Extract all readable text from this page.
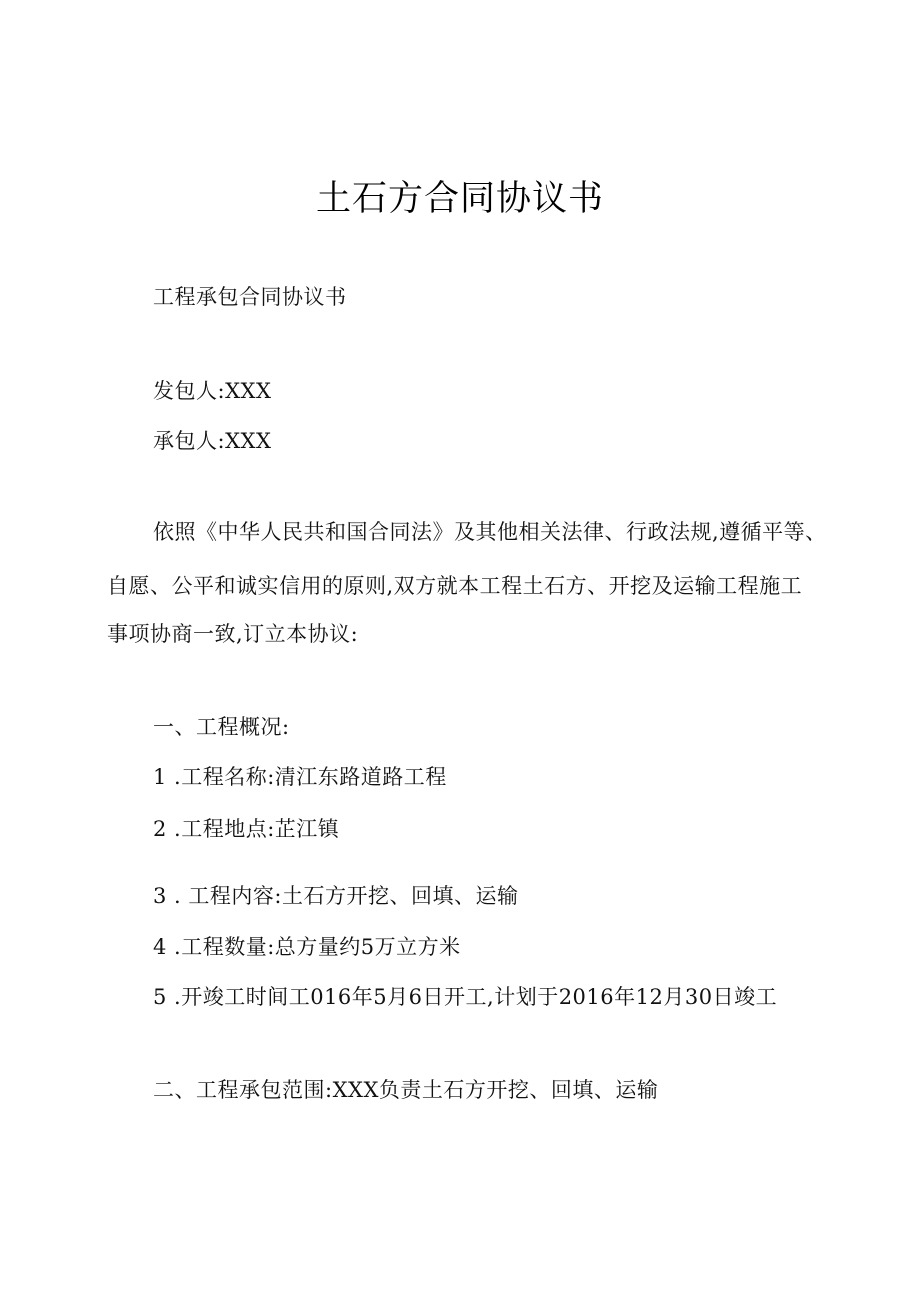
土石方合同协议书
工程承包合同协议书
发包人:XXX
承包人:XXX
依照《中华人民共和国合同法》及其他相关法律、行政法规,遵循平等、
自愿、公平和诚实信用的原则,双方就本工程土石方、开挖及运输工程施工
事项协商一致,订立本协议:
一、工程概况:
1 .工程名称:清江东路道路工程
2 .工程地点:芷江镇
3 . 工程内容:土石方开挖、回填、运输
4 .工程数量:总方量约5万立方米
5 .开竣工时间工016年5月6日开工,计划于2016年12月30日竣工
二、工程承包范围:XXX负责土石方开挖、回填、运输
